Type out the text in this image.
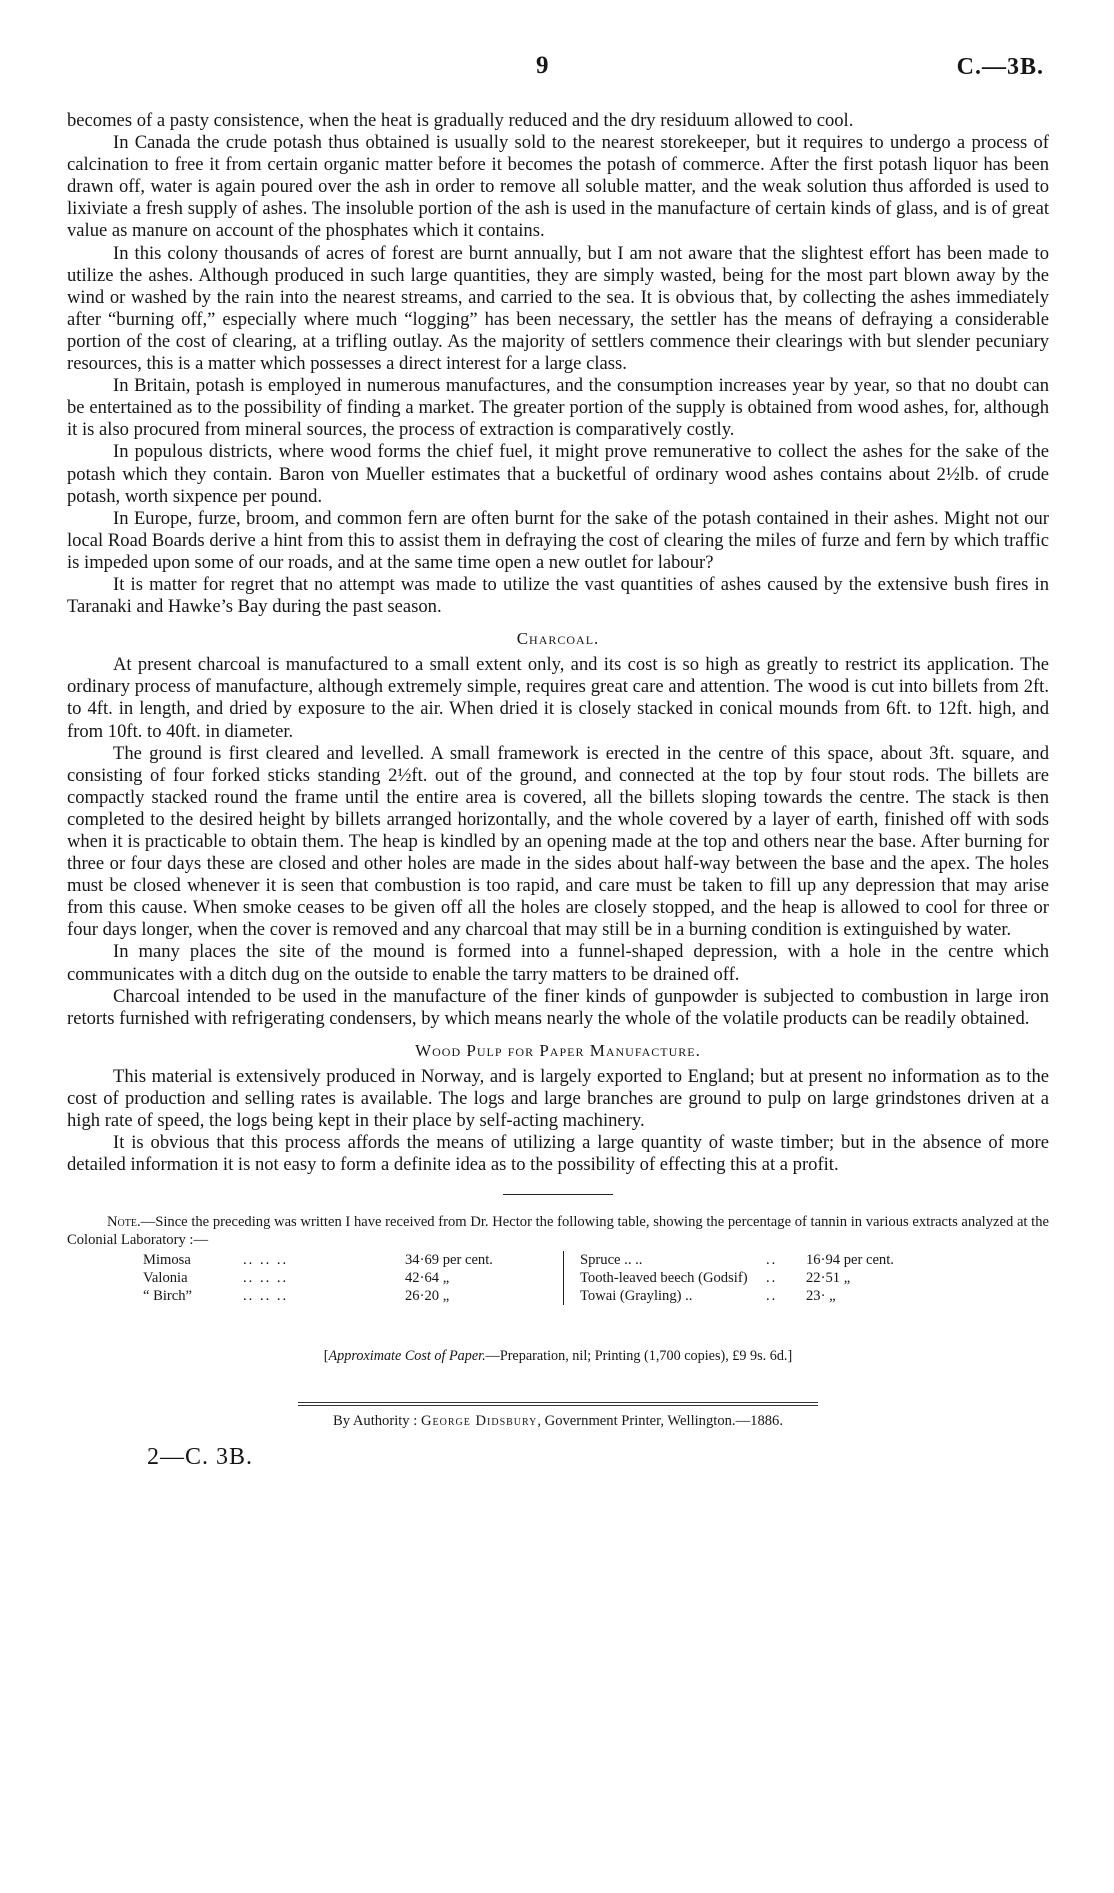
9	C.—3B.

becomes of a pasty consistence, when the heat is gradually reduced and the dry residuum allowed to cool.

In Canada the crude potash thus obtained is usually sold to the nearest storekeeper, but it requires to undergo a process of calcination to free it from certain organic matter before it becomes the potash of commerce. After the first potash liquor has been drawn off, water is again poured over the ash in order to remove all soluble matter, and the weak solution thus afforded is used to lixiviate a fresh supply of ashes. The insoluble portion of the ash is used in the manufacture of certain kinds of glass, and is of great value as manure on account of the phosphates which it contains.

In this colony thousands of acres of forest are burnt annually, but I am not aware that the slightest effort has been made to utilize the ashes. Although produced in such large quantities, they are simply wasted, being for the most part blown away by the wind or washed by the rain into the nearest streams, and carried to the sea. It is obvious that, by collecting the ashes immediately after “burning off,” especially where much “logging” has been necessary, the settler has the means of defraying a considerable portion of the cost of clearing, at a trifling outlay. As the majority of settlers commence their clearings with but slender pecuniary resources, this is a matter which possesses a direct interest for a large class.

In Britain, potash is employed in numerous manufactures, and the consumption increases year by year, so that no doubt can be entertained as to the possibility of finding a market. The greater portion of the supply is obtained from wood ashes, for, although it is also procured from mineral sources, the process of extraction is comparatively costly.

In populous districts, where wood forms the chief fuel, it might prove remunerative to collect the ashes for the sake of the potash which they contain. Baron von Mueller estimates that a bucketful of ordinary wood ashes contains about 2½lb. of crude potash, worth sixpence per pound.

In Europe, furze, broom, and common fern are often burnt for the sake of the potash contained in their ashes. Might not our local Road Boards derive a hint from this to assist them in defraying the cost of clearing the miles of furze and fern by which traffic is impeded upon some of our roads, and at the same time open a new outlet for labour?

It is matter for regret that no attempt was made to utilize the vast quantities of ashes caused by the extensive bush fires in Taranaki and Hawke’s Bay during the past season.

Charcoal.

At present charcoal is manufactured to a small extent only, and its cost is so high as greatly to restrict its application. The ordinary process of manufacture, although extremely simple, requires great care and attention. The wood is cut into billets from 2ft. to 4ft. in length, and dried by exposure to the air. When dried it is closely stacked in conical mounds from 6ft. to 12ft. high, and from 10ft. to 40ft. in diameter.

The ground is first cleared and levelled. A small framework is erected in the centre of this space, about 3ft. square, and consisting of four forked sticks standing 2½ft. out of the ground, and connected at the top by four stout rods. The billets are compactly stacked round the frame until the entire area is covered, all the billets sloping towards the centre. The stack is then completed to the desired height by billets arranged horizontally, and the whole covered by a layer of earth, finished off with sods when it is practicable to obtain them. The heap is kindled by an opening made at the top and others near the base. After burning for three or four days these are closed and other holes are made in the sides about half-way between the base and the apex. The holes must be closed whenever it is seen that combustion is too rapid, and care must be taken to fill up any depression that may arise from this cause. When smoke ceases to be given off all the holes are closely stopped, and the heap is allowed to cool for three or four days longer, when the cover is removed and any charcoal that may still be in a burning condition is extinguished by water.

In many places the site of the mound is formed into a funnel-shaped depression, with a hole in the centre which communicates with a ditch dug on the outside to enable the tarry matters to be drained off.

Charcoal intended to be used in the manufacture of the finer kinds of gunpowder is subjected to combustion in large iron retorts furnished with refrigerating condensers, by which means nearly the whole of the volatile products can be readily obtained.

Wood Pulp for Paper Manufacture.

This material is extensively produced in Norway, and is largely exported to England; but at present no information as to the cost of production and selling rates is available. The logs and large branches are ground to pulp on large grindstones driven at a high rate of speed, the logs being kept in their place by self-acting machinery.

It is obvious that this process affords the means of utilizing a large quantity of waste timber; but in the absence of more detailed information it is not easy to form a definite idea as to the possibility of effecting this at a profit.

Note.—Since the preceding was written I have received from Dr. Hector the following table, showing the percentage of tannin in various extracts analyzed at the Colonial Laboratory :—

Mimosa	.. .. ..	34·69 per cent.
Valonia	.. .. ..	42·64 „
“ Birch”	.. .. ..	26·20 „
Spruce .. ..	..	16·94 per cent.
Tooth-leaved beech (Godsif)	..	22·51 „
Towai (Grayling) ..	..	23· „
[Approximate Cost of Paper.—Preparation, nil; Printing (1,700 copies), £9 9s. 6d.]
By Authority : George Didsbury, Government Printer, Wellington.—1886.
2—C. 3B.
